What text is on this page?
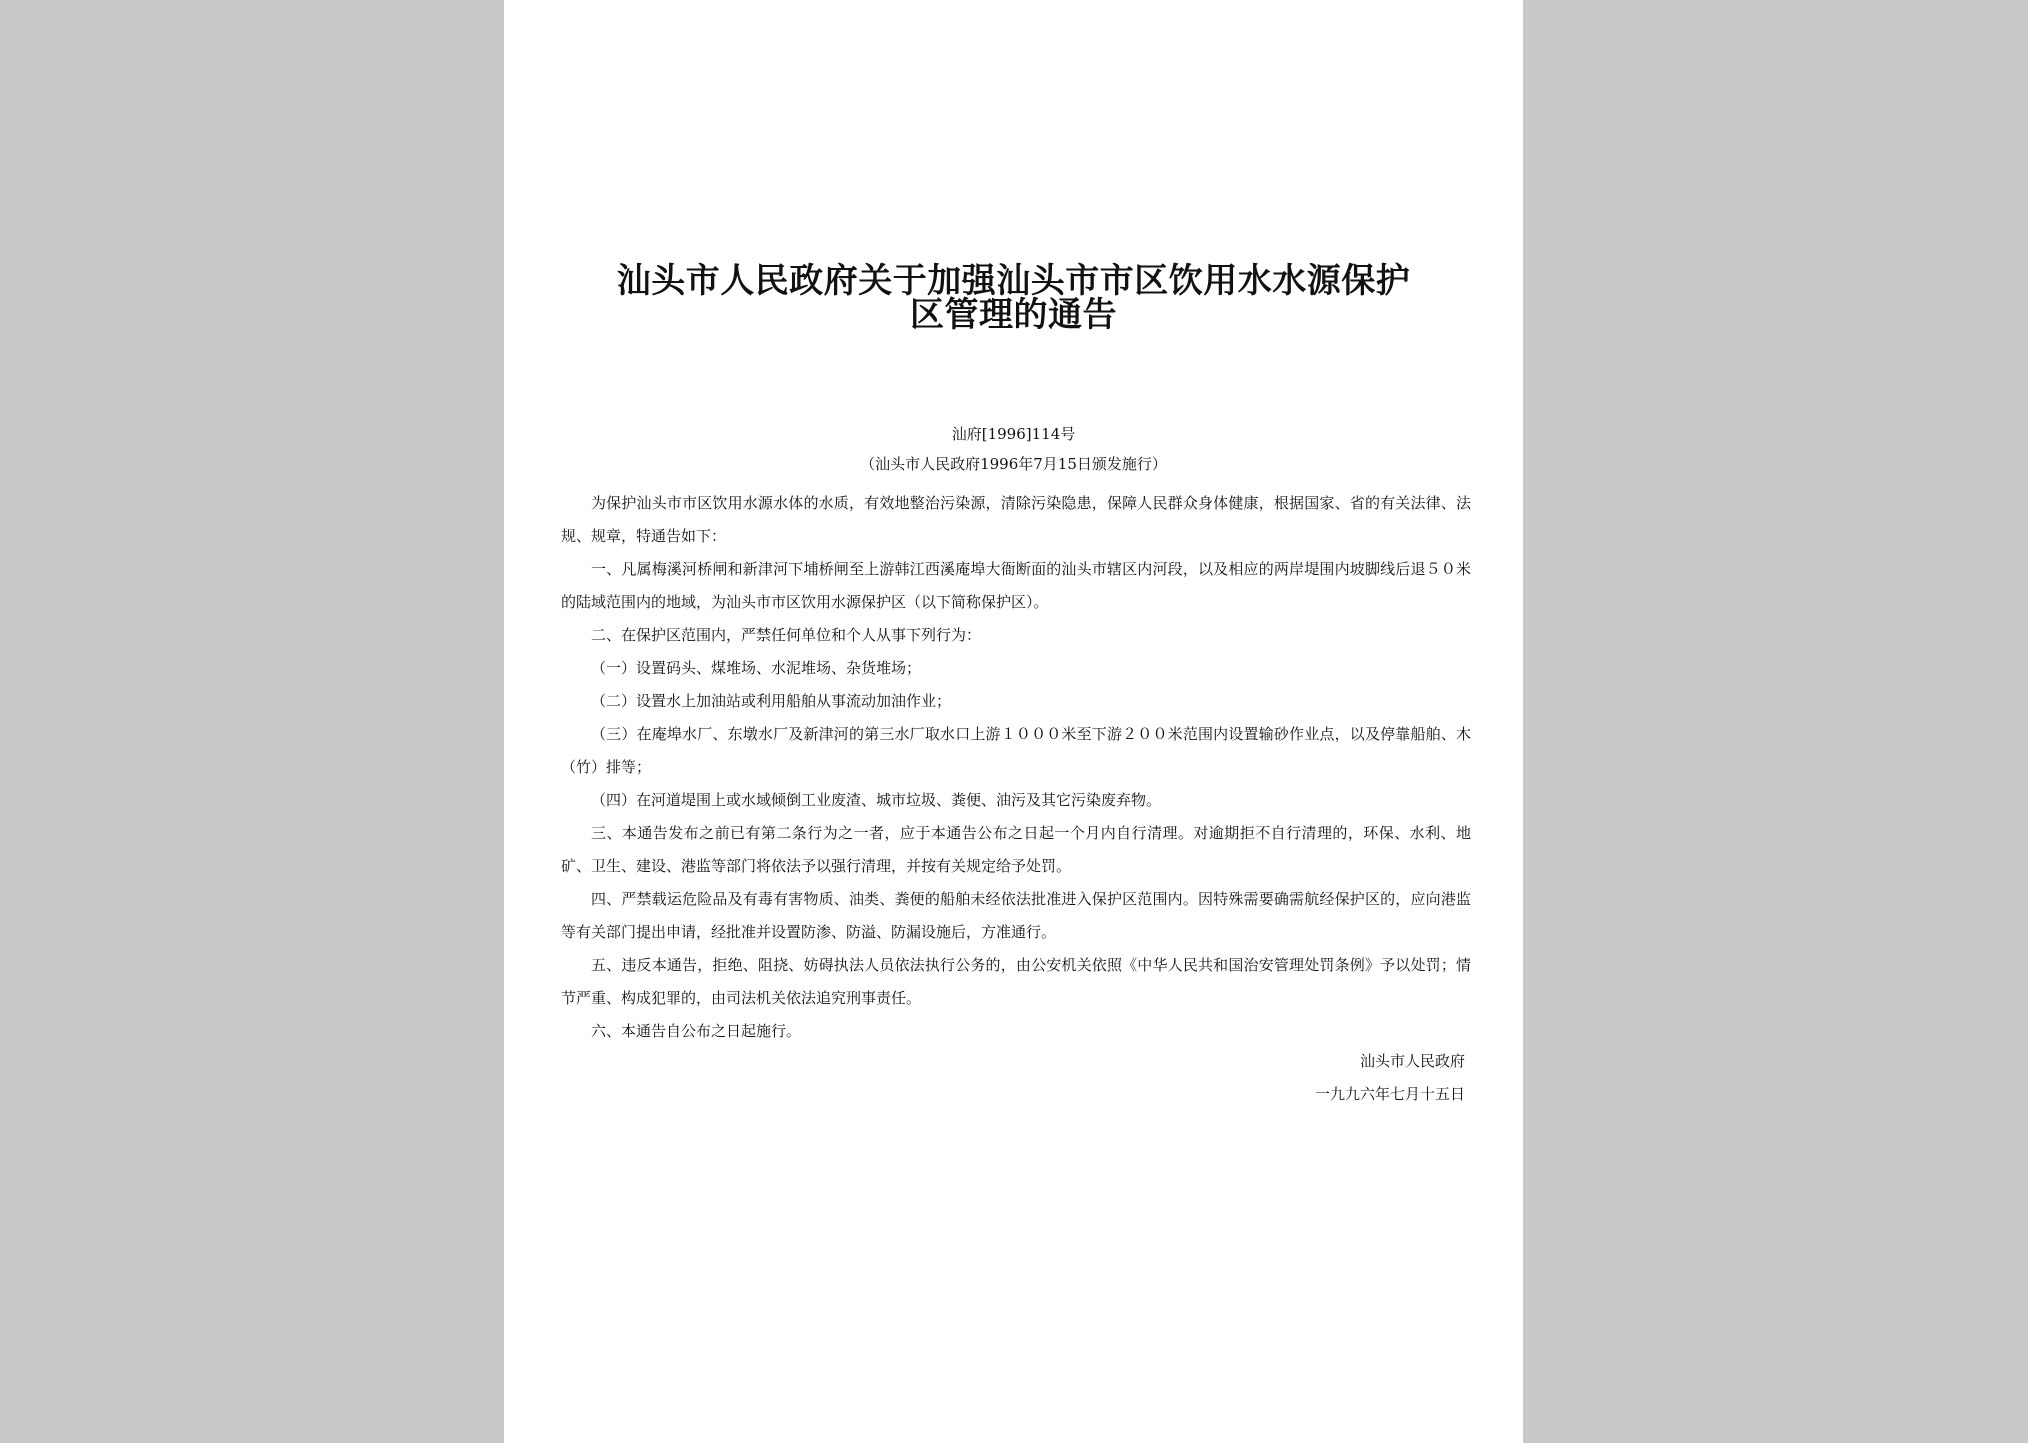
汕头市人民政府关于加强汕头市市区饮用水水源保护
区管理的通告
汕府[1996]114号
（汕头市人民政府1996年7月15日颁发施行）

为保护汕头市市区饮用水源水体的水质，有效地整治污染源，清除污染隐患，保障人民群众身体健康，根据国家、省的有关法律、法规、规章，特通告如下：

一、凡属梅溪河桥闸和新津河下埔桥闸至上游韩江西溪庵埠大衙断面的汕头市辖区内河段，以及相应的两岸堤围内坡脚线后退５０米的陆域范围内的地域，为汕头市市区饮用水源保护区（以下简称保护区）。

二、在保护区范围内，严禁任何单位和个人从事下列行为：

（一）设置码头、煤堆场、水泥堆场、杂货堆场；

（二）设置水上加油站或利用船舶从事流动加油作业；

（三）在庵埠水厂、东墩水厂及新津河的第三水厂取水口上游１０００米至下游２００米范围内设置输砂作业点，以及停靠船舶、木（竹）排等；

（四）在河道堤围上或水域倾倒工业废渣、城市垃圾、粪便、油污及其它污染废弃物。

三、本通告发布之前已有第二条行为之一者，应于本通告公布之日起一个月内自行清理。对逾期拒不自行清理的，环保、水利、地矿、卫生、建设、港监等部门将依法予以强行清理，并按有关规定给予处罚。

四、严禁载运危险品及有毒有害物质、油类、粪便的船舶未经依法批准进入保护区范围内。因特殊需要确需航经保护区的，应向港监等有关部门提出申请，经批准并设置防渗、防溢、防漏设施后，方准通行。

五、违反本通告，拒绝、阻挠、妨碍执法人员依法执行公务的，由公安机关依照《中华人民共和国治安管理处罚条例》予以处罚；情节严重、构成犯罪的，由司法机关依法追究刑事责任。

六、本通告自公布之日起施行。

汕头市人民政府
一九九六年七月十五日
